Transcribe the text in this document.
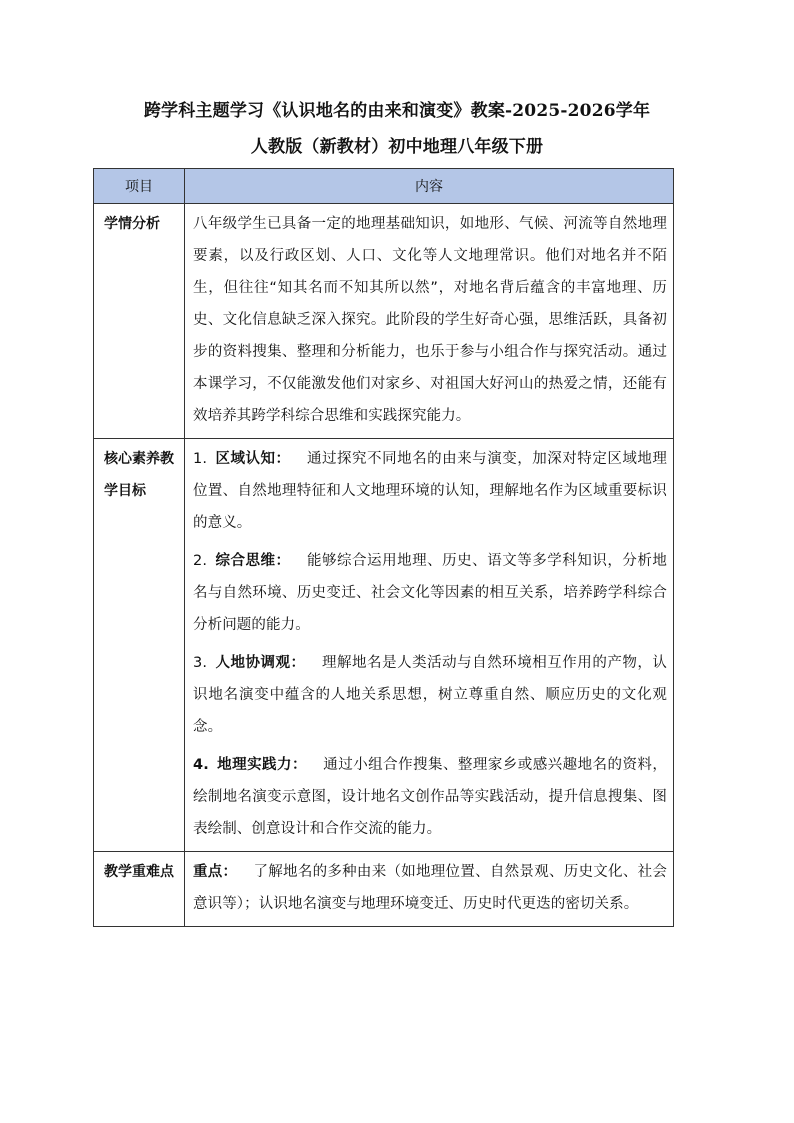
跨学科主题学习《认识地名的由来和演变》教案-2025-2026学年
人教版（新教材）初中地理八年级下册
项目	内容
学情分析	八年级学生已具备一定的地理基础知识，如地形、气候、河流等自然地理要素，以及行政区划、人口、文化等人文地理常识。他们对地名并不陌生，但往往“知其名而不知其所以然”，对地名背后蕴含的丰富地理、历史、文化信息缺乏深入探究。此阶段的学生好奇心强，思维活跃，具备初步的资料搜集、整理和分析能力，也乐于参与小组合作与探究活动。通过本课学习，不仅能激发他们对家乡、对祖国大好河山的热爱之情，还能有效培养其跨学科综合思维和实践探究能力。

核心素养教学目标	1. 区域认知： 通过探究不同地名的由来与演变，加深对特定区域地理位置、自然地理特征和人文地理环境的认知，理解地名作为区域重要标识的意义。

2. 综合思维： 能够综合运用地理、历史、语文等多学科知识，分析地名与自然环境、历史变迁、社会文化等因素的相互关系，培养跨学科综合分析问题的能力。

3. 人地协调观： 理解地名是人类活动与自然环境相互作用的产物，认识地名演变中蕴含的人地关系思想，树立尊重自然、顺应历史的文化观念。

4. 地理实践力： 通过小组合作搜集、整理家乡或感兴趣地名的资料，绘制地名演变示意图，设计地名文创作品等实践活动，提升信息搜集、图表绘制、创意设计和合作交流的能力。

教学重难点	重点： 了解地名的多种由来（如地理位置、自然景观、历史文化、社会意识等）；认识地名演变与地理环境变迁、历史时代更迭的密切关系。
